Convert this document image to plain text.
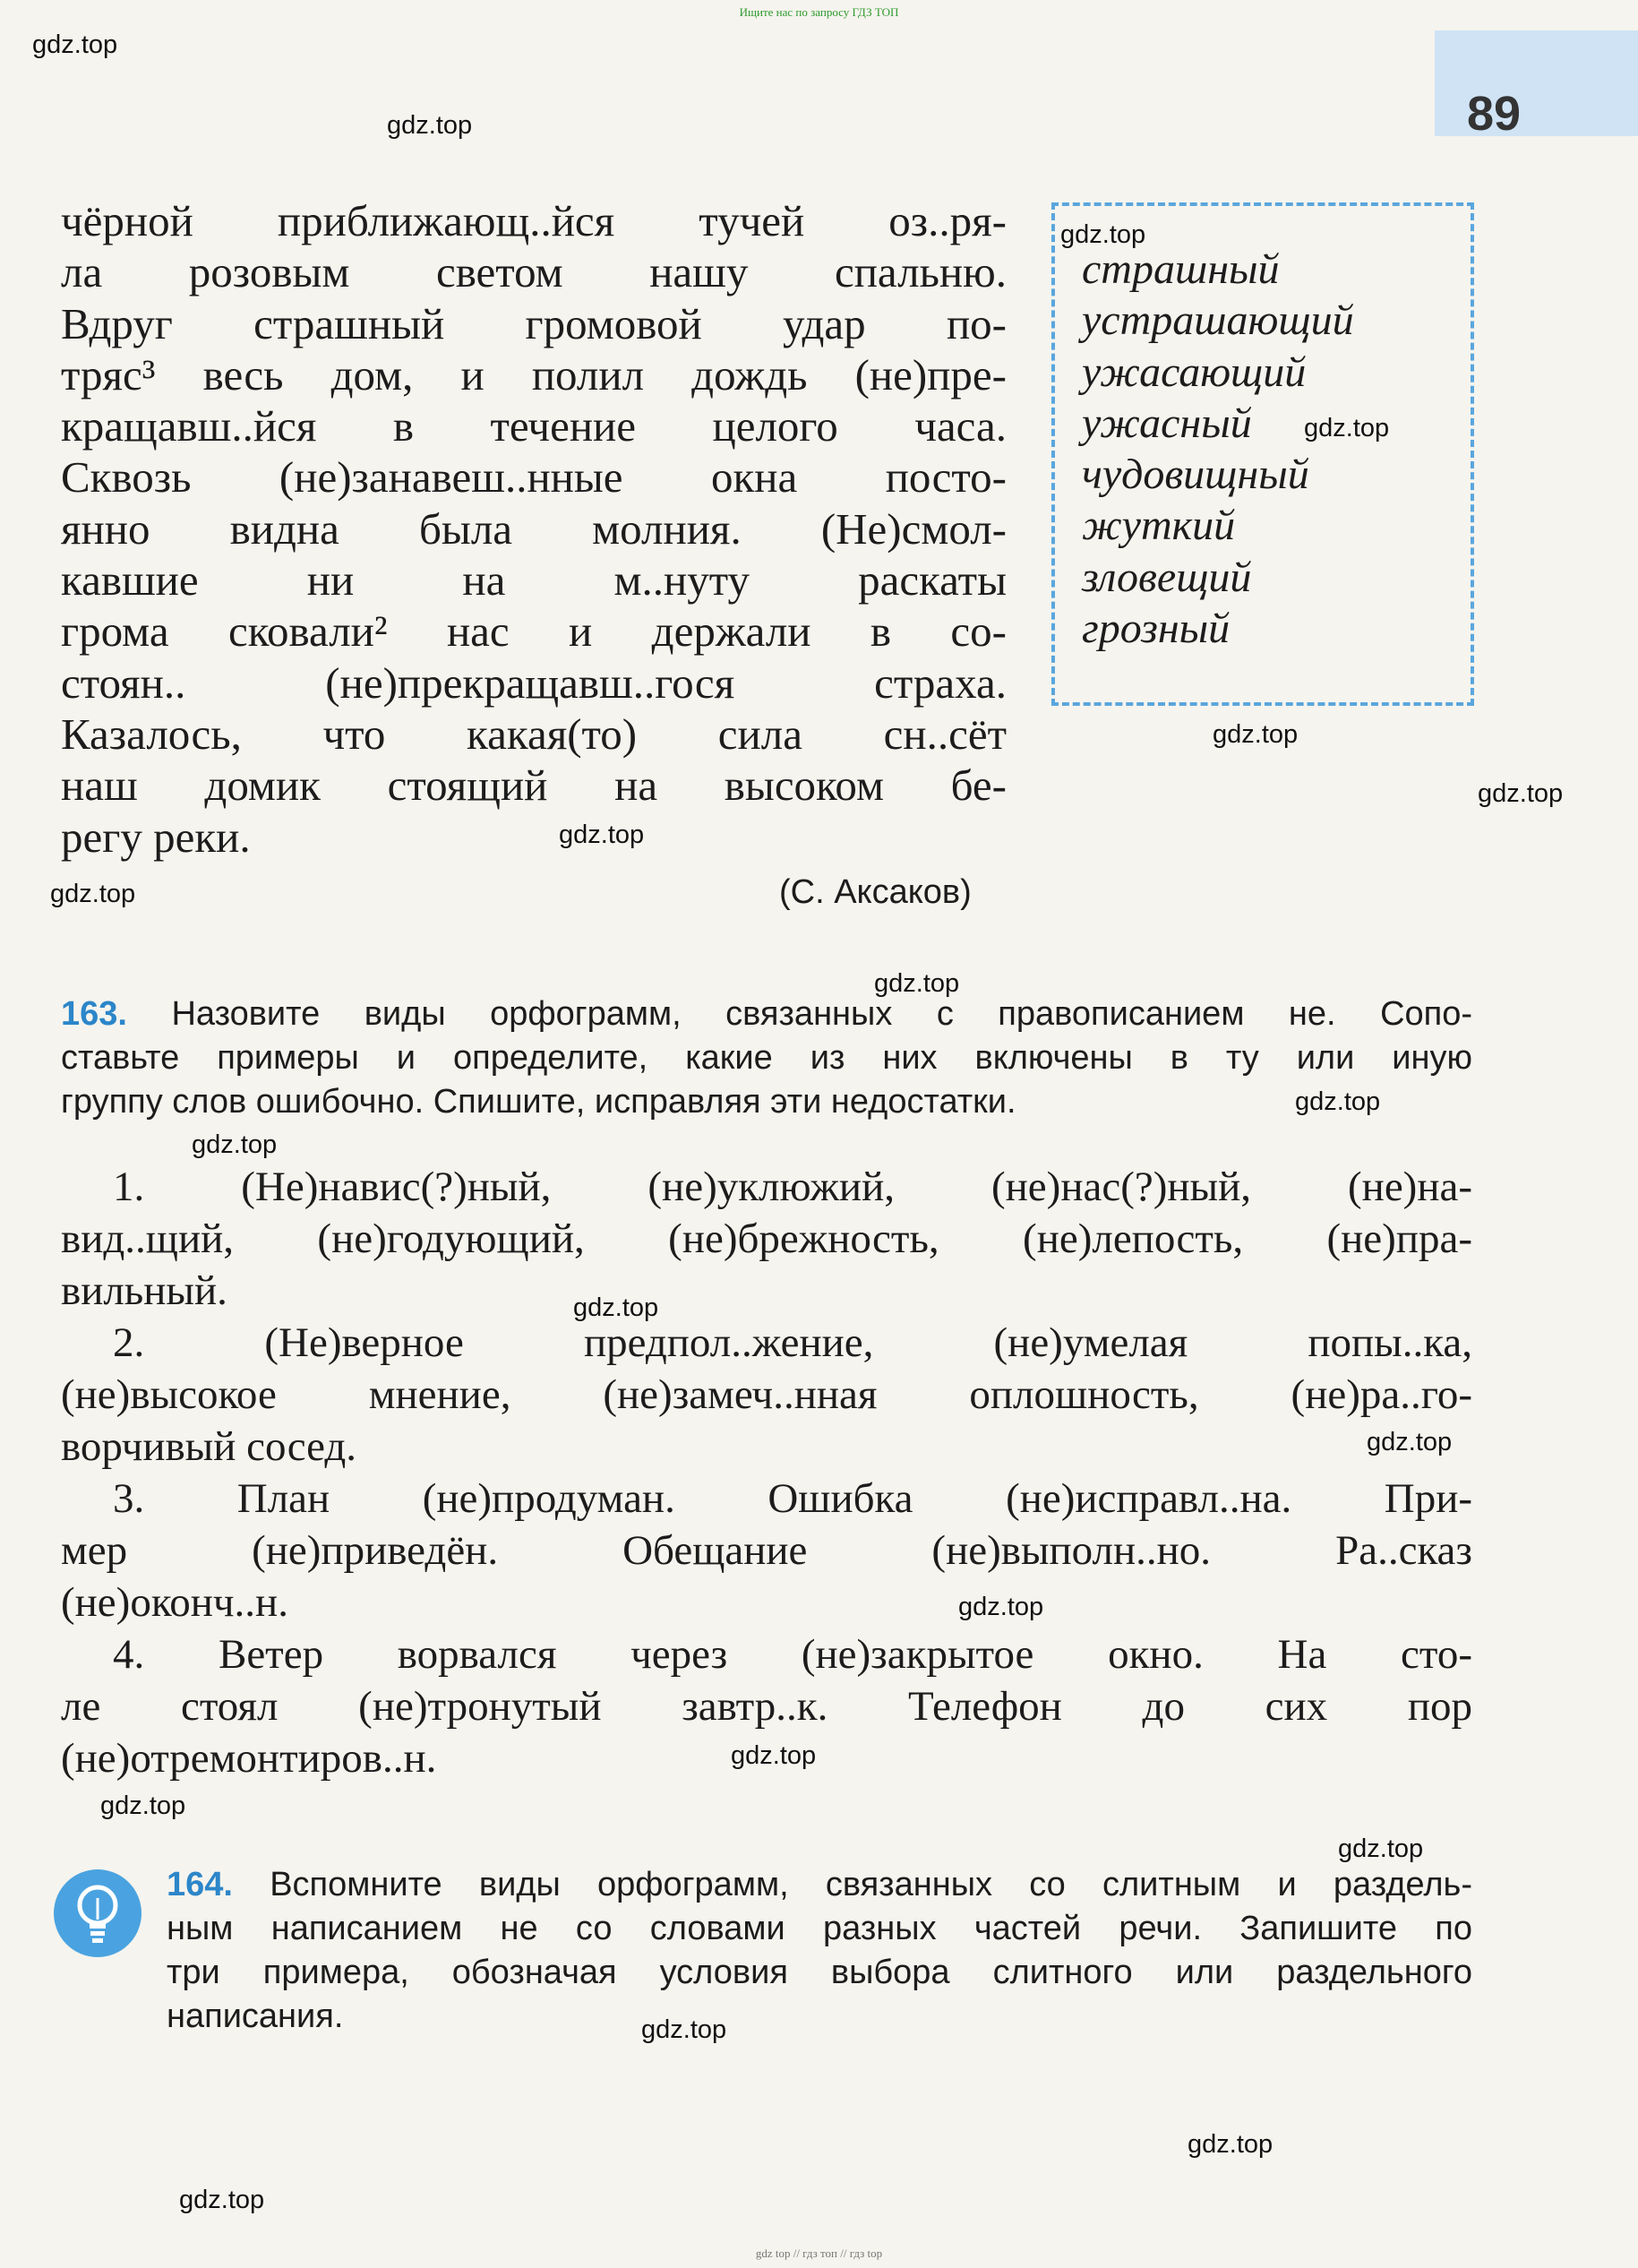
Ищите нас по запросу ГДЗ ТОП
89
gdz.top
gdz.top
gdz.top
gdz.top
gdz.top
gdz.top
gdz.top
gdz.top
gdz.top
gdz.top
gdz.top
gdz.top
gdz.top
gdz.top
gdz.top
gdz.top
gdz.top
gdz.top
gdz.top
gdz.top
чёрной приближающ..йся тучей оз..ря-
ла розовым светом нашу спальню.
Вдруг страшный громовой удар по-
тряс³ весь дом, и полил дождь (не)пре-
кращавш..йся в течение целого часа.
Сквозь (не)занавеш..нные окна посто-
янно видна была молния. (Не)смол-
кавшие ни на м..нуту раскаты
грома сковали² нас и держали в со-
стоян.. (не)прекращавш..гося страха.
Казалось, что какая(то) сила сн..сёт
наш домик стоящий на высоком бе-
регу реки.
(С. Аксаков)
страшный
устрашающий
ужасающий
ужасный
чудовищный
жуткий
зловещий
грозный
163. Назовите виды орфограмм, связанных с правописанием не. Сопо-
ставьте примеры и определите, какие из них включены в ту или иную
группу слов ошибочно. Спишите, исправляя эти недостатки.
1. (Не)навис(?)ный, (не)уклюжий, (не)нас(?)ный, (не)на-
вид..щий, (не)годующий, (не)брежность, (не)лепость, (не)пра-
вильный.
2. (Не)верное предпол..жение, (не)умелая попы..ка,
(не)высокое мнение, (не)замеч..нная оплошность, (не)ра..го-
ворчивый сосед.
3. План (не)продуман. Ошибка (не)исправл..на. При-
мер (не)приведён. Обещание (не)выполн..но. Ра..сказ
(не)оконч..н.
4. Ветер ворвался через (не)закрытое окно. На сто-
ле стоял (не)тронутый завтр..к. Телефон до сих пор
(не)отремонтиров..н.
164. Вспомните виды орфограмм, связанных со слитным и раздель-
ным написанием не со словами разных частей речи. Запишите по
три примера, обозначая условия выбора слитного или раздельного
написания.
gdz top // гдз топ // гдз top
